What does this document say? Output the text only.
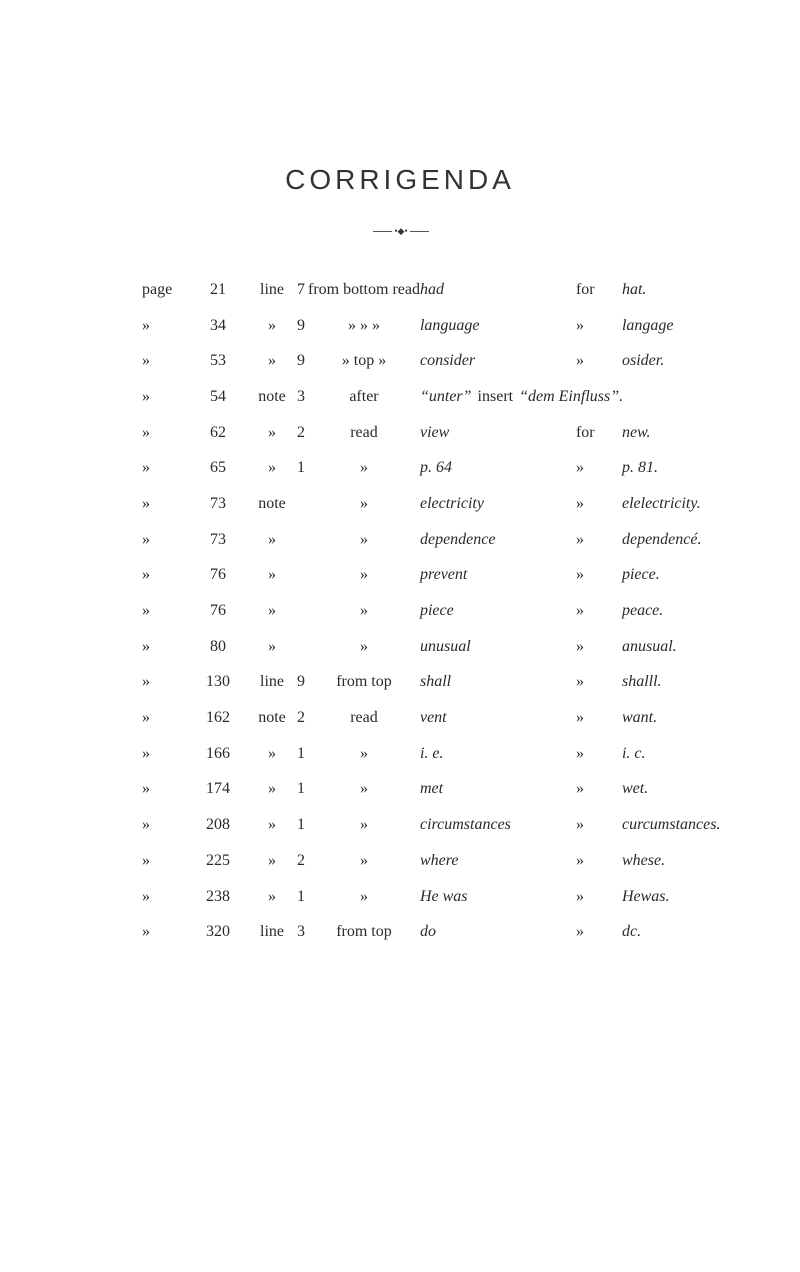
CORRIGENDA
•◆•
page	21	line	7	from bottom read	had	for	hat.
»	34	»	9	» » »	language	»	langage
»	53	»	9	» top »	consider	»	osider.
»	54	note	3	after	“unter” insert “dem Einfluss”.		
»	62	»	2	read	view	for	new.
»	65	»	1	»	p. 64	»	p. 81.
»	73	note		»	electricity	»	elelectricity.
»	73	»		»	dependence	»	dependencé.
»	76	»		»	prevent	»	piece.
»	76	»		»	piece	»	peace.
»	80	»		»	unusual	»	anusual.
»	130	line	9	from top	shall	»	shalll.
»	162	note	2	read	vent	»	want.
»	166	»	1	»	i. e.	»	i. c.
»	174	»	1	»	met	»	wet.
»	208	»	1	»	circumstances	»	curcumstances.
»	225	»	2	»	where	»	whese.
»	238	»	1	»	He was	»	Hewas.
»	320	line	3	from top	do	»	dc.
